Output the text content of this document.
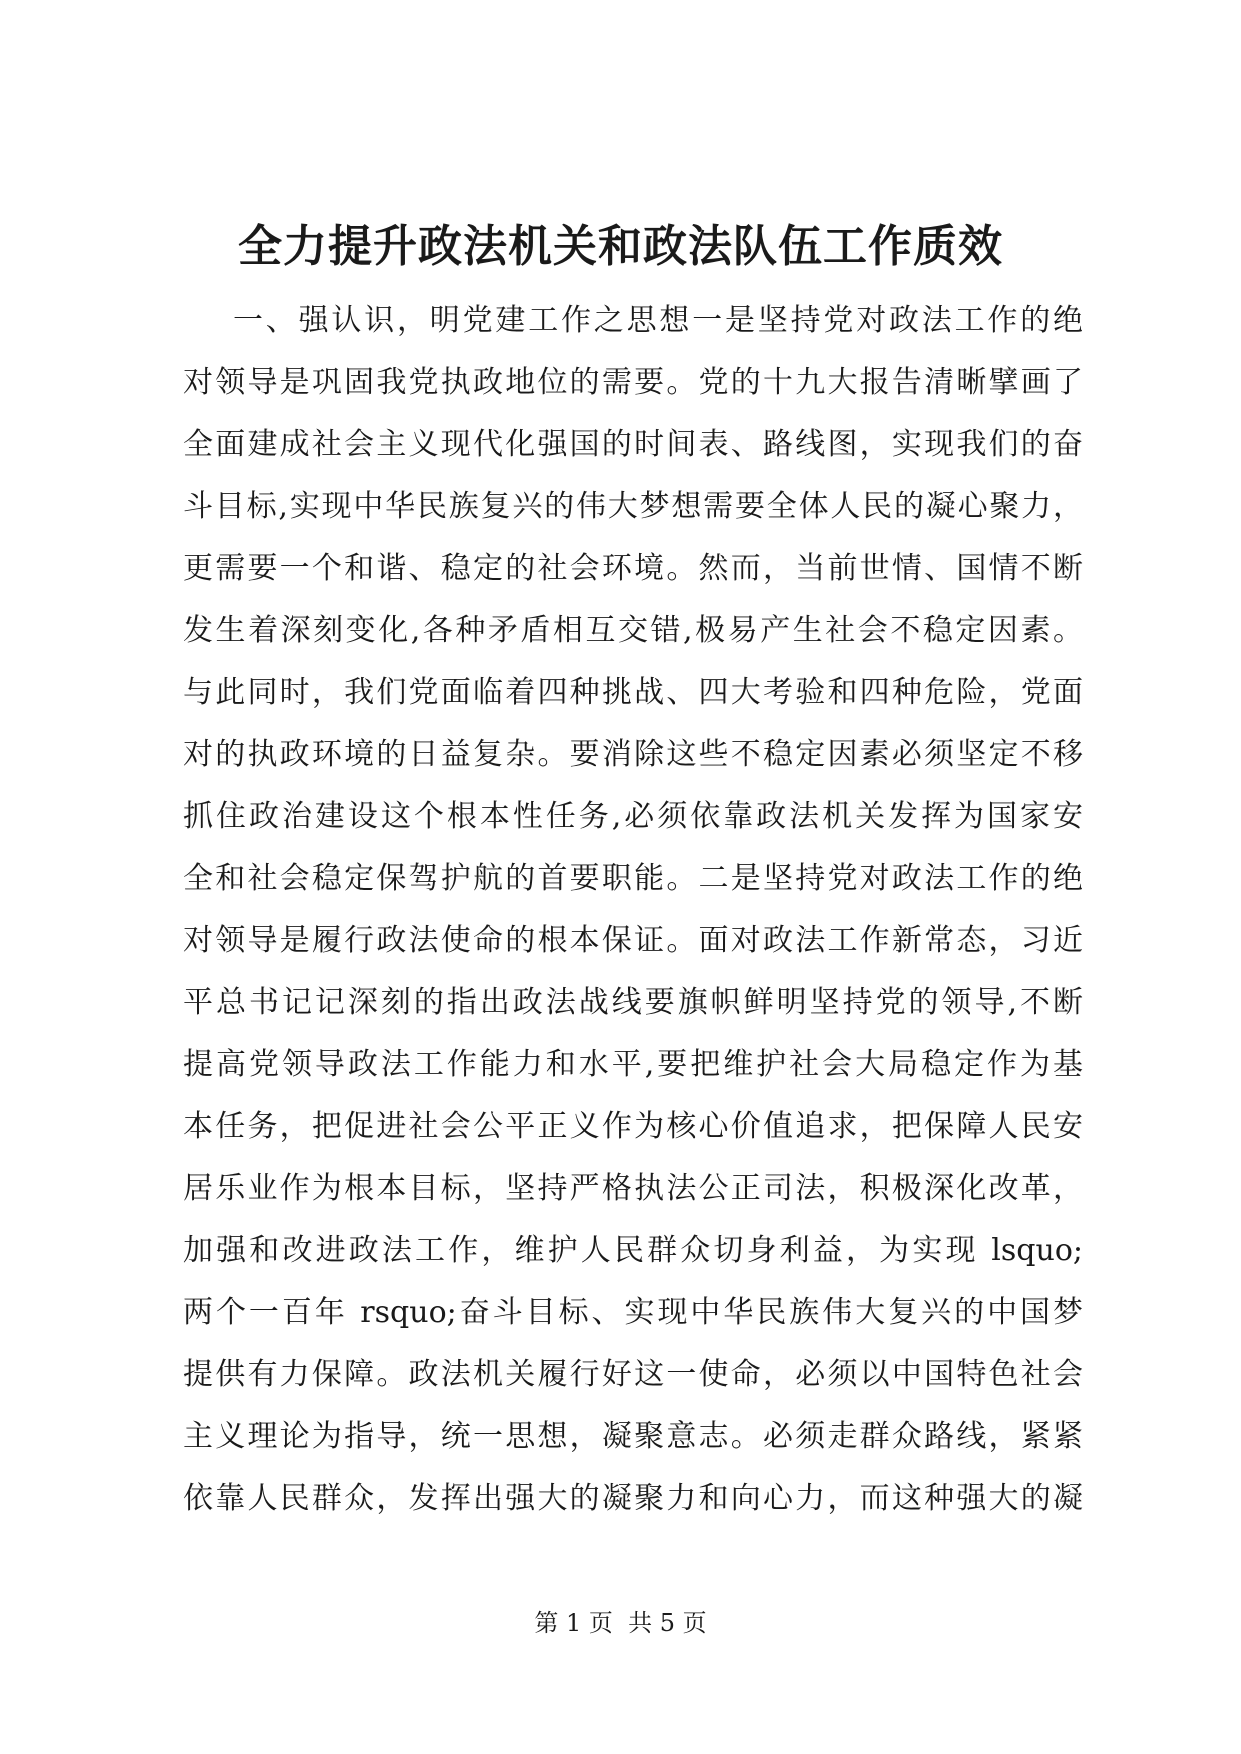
全力提升政法机关和政法队伍工作质效
一、强认识，明党建工作之思想一是坚持党对政法工作的绝
对领导是巩固我党执政地位的需要。党的十九大报告清晰擘画了
全面建成社会主义现代化强国的时间表、路线图，实现我们的奋
斗目标,实现中华民族复兴的伟大梦想需要全体人民的凝心聚力，
更需要一个和谐、稳定的社会环境。然而，当前世情、国情不断
发生着深刻变化,各种矛盾相互交错,极易产生社会不稳定因素。
与此同时，我们党面临着四种挑战、四大考验和四种危险，党面
对的执政环境的日益复杂。要消除这些不稳定因素必须坚定不移
抓住政治建设这个根本性任务,必须依靠政法机关发挥为国家安
全和社会稳定保驾护航的首要职能。二是坚持党对政法工作的绝
对领导是履行政法使命的根本保证。面对政法工作新常态，习近
平总书记记深刻的指出政法战线要旗帜鲜明坚持党的领导,不断
提高党领导政法工作能力和水平,要把维护社会大局稳定作为基
本任务，把促进社会公平正义作为核心价值追求，把保障人民安
居乐业作为根本目标，坚持严格执法公正司法，积极深化改革，
加强和改进政法工作，维护人民群众切身利益，为实现 lsquo;
两个一百年 rsquo;奋斗目标、实现中华民族伟大复兴的中国梦
提供有力保障。政法机关履行好这一使命，必须以中国特色社会
主义理论为指导，统一思想，凝聚意志。必须走群众路线，紧紧
依靠人民群众，发挥出强大的凝聚力和向心力，而这种强大的凝
第 1 页  共 5 页
